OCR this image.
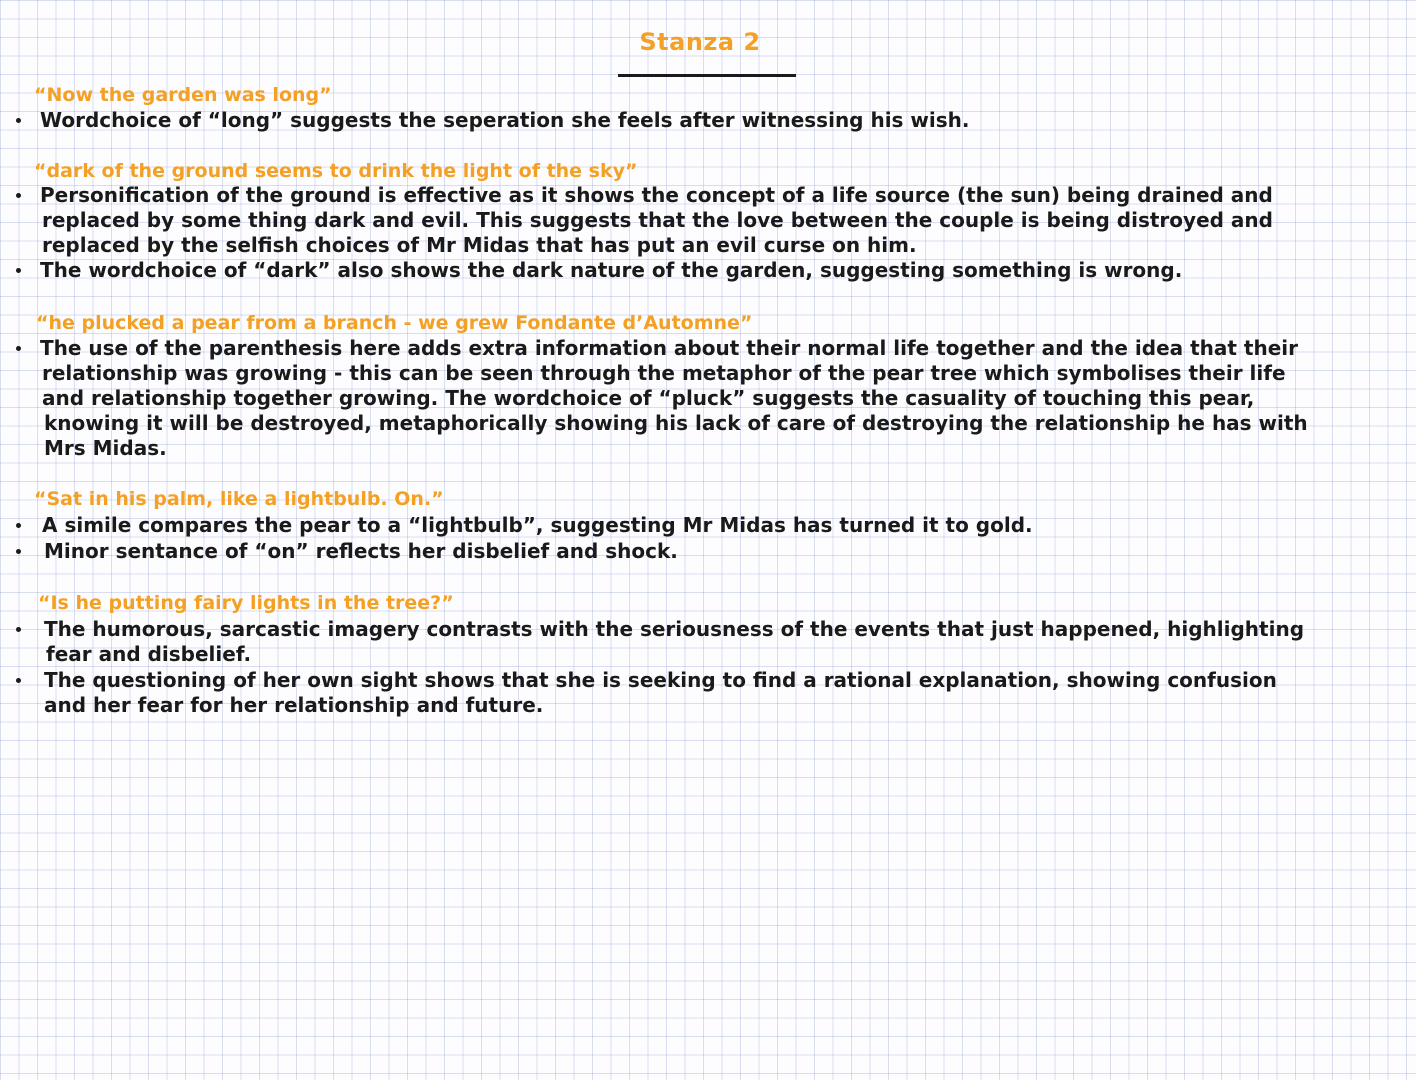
Stanza 2
“Now the garden was long”
Wordchoice of “long” suggests the seperation she feels after witnessing his wish.
“dark of the ground seems to drink the light of the sky”
Personification of the ground is effective as it shows the concept of a life source (the sun) being drained and
replaced by some thing dark and evil. This suggests that the love between the couple is being distroyed and
replaced by the selfish choices of Mr Midas that has put an evil curse on him.
The wordchoice of “dark” also shows the dark nature of the garden, suggesting something is wrong.
“he plucked a pear from a branch - we grew Fondante d’Automne”
The use of the parenthesis here adds extra information about their normal life together and the idea that their
relationship was growing - this can be seen through the metaphor of the pear tree which symbolises their life
and relationship together growing. The wordchoice of “pluck” suggests the casuality of touching this pear,
knowing it will be destroyed, metaphorically showing his lack of care of destroying the relationship he has with
Mrs Midas.
“Sat in his palm, like a lightbulb. On.”
A simile compares the pear to a “lightbulb”, suggesting Mr Midas has turned it to gold.
Minor sentance of “on” reflects her disbelief and shock.
“Is he putting fairy lights in the tree?”
The humorous, sarcastic imagery contrasts with the seriousness of the events that just happened, highlighting
fear and disbelief.
The questioning of her own sight shows that she is seeking to find a rational explanation, showing confusion
and her fear for her relationship and future.
